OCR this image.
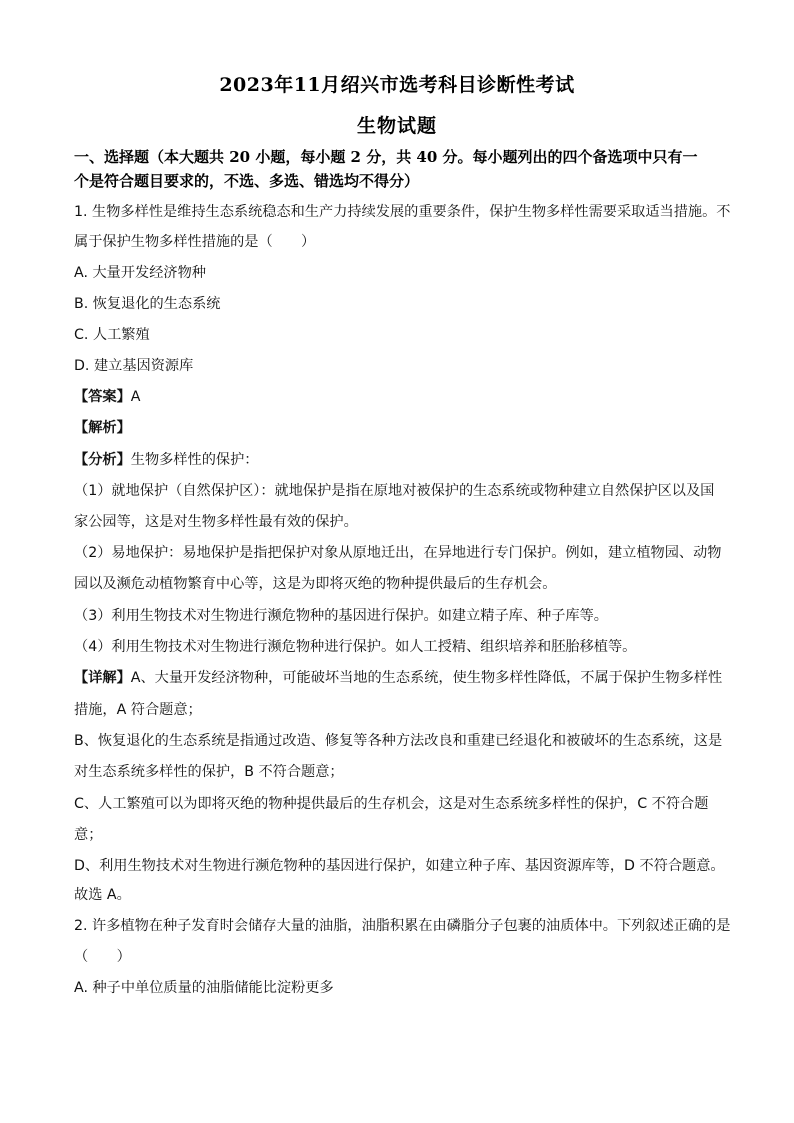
2023年11月绍兴市选考科目诊断性考试
生物试题
一、选择题（本大题共 20 小题，每小题 2 分，共 40 分。每小题列出的四个备选项中只有一
个是符合题目要求的，不选、多选、错选均不得分）
1. 生物多样性是维持生态系统稳态和生产力持续发展的重要条件，保护生物多样性需要采取适当措施。不
属于保护生物多样性措施的是（　　）
A. 大量开发经济物种
B. 恢复退化的生态系统
C. 人工繁殖
D. 建立基因资源库
【答案】A
【解析】
【分析】生物多样性的保护：
（1）就地保护（自然保护区）：就地保护是指在原地对被保护的生态系统或物种建立自然保护区以及国
家公园等，这是对生物多样性最有效的保护。
（2）易地保护：易地保护是指把保护对象从原地迁出，在异地进行专门保护。例如，建立植物园、动物
园以及濒危动植物繁育中心等，这是为即将灭绝的物种提供最后的生存机会。
（3）利用生物技术对生物进行濒危物种的基因进行保护。如建立精子库、种子库等。
（4）利用生物技术对生物进行濒危物种进行保护。如人工授精、组织培养和胚胎移植等。
【详解】A、大量开发经济物种，可能破坏当地的生态系统，使生物多样性降低，不属于保护生物多样性
措施，A 符合题意；
B、恢复退化的生态系统是指通过改造、修复等各种方法改良和重建已经退化和被破坏的生态系统，这是
对生态系统多样性的保护，B 不符合题意；
C、人工繁殖可以为即将灭绝的物种提供最后的生存机会，这是对生态系统多样性的保护，C 不符合题
意；
D、利用生物技术对生物进行濒危物种的基因进行保护，如建立种子库、基因资源库等，D 不符合题意。
故选 A。
2. 许多植物在种子发育时会储存大量的油脂，油脂积累在由磷脂分子包裹的油质体中。下列叙述正确的是
（　　）
A. 种子中单位质量的油脂储能比淀粉更多
